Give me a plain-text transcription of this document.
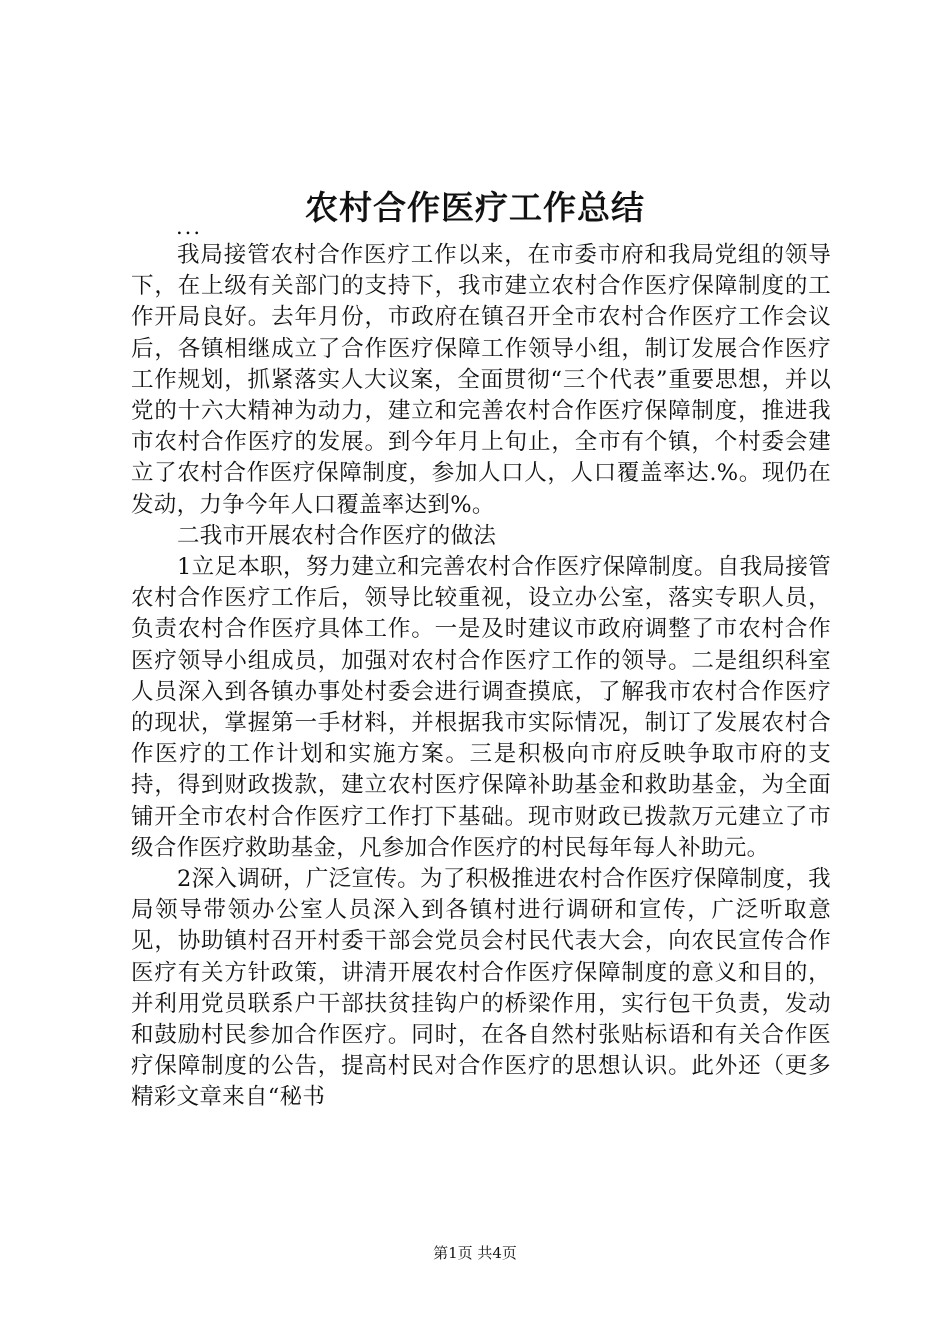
农村合作医疗工作总结
...

我局接管农村合作医疗工作以来，在市委市府和我局党组的领导下，在上级有关部门的支持下，我市建立农村合作医疗保障制度的工作开局良好。去年月份，市政府在镇召开全市农村合作医疗工作会议后，各镇相继成立了合作医疗保障工作领导小组，制订发展合作医疗工作规划，抓紧落实人大议案，全面贯彻“三个代表”重要思想，并以党的十六大精神为动力，建立和完善农村合作医疗保障制度，推进我市农村合作医疗的发展。到今年月上旬止，全市有个镇，个村委会建立了农村合作医疗保障制度，参加人口人，人口覆盖率达.%。现仍在发动，力争今年人口覆盖率达到%。

二我市开展农村合作医疗的做法

1立足本职，努力建立和完善农村合作医疗保障制度。自我局接管农村合作医疗工作后，领导比较重视，设立办公室，落实专职人员，负责农村合作医疗具体工作。一是及时建议市政府调整了市农村合作医疗领导小组成员，加强对农村合作医疗工作的领导。二是组织科室人员深入到各镇办事处村委会进行调查摸底，了解我市农村合作医疗的现状，掌握第一手材料，并根据我市实际情况，制订了发展农村合作医疗的工作计划和实施方案。三是积极向市府反映争取市府的支持，得到财政拨款，建立农村医疗保障补助基金和救助基金，为全面铺开全市农村合作医疗工作打下基础。现市财政已拨款万元建立了市级合作医疗救助基金，凡参加合作医疗的村民每年每人补助元。

2深入调研，广泛宣传。为了积极推进农村合作医疗保障制度，我局领导带领办公室人员深入到各镇村进行调研和宣传，广泛听取意见，协助镇村召开村委干部会党员会村民代表大会，向农民宣传合作医疗有关方针政策，讲清开展农村合作医疗保障制度的意义和目的，并利用党员联系户干部扶贫挂钩户的桥梁作用，实行包干负责，发动和鼓励村民参加合作医疗。同时，在各自然村张贴标语和有关合作医疗保障制度的公告，提高村民对合作医疗的思想认识。此外还（更多精彩文章来自“秘书

第1页 共4页
